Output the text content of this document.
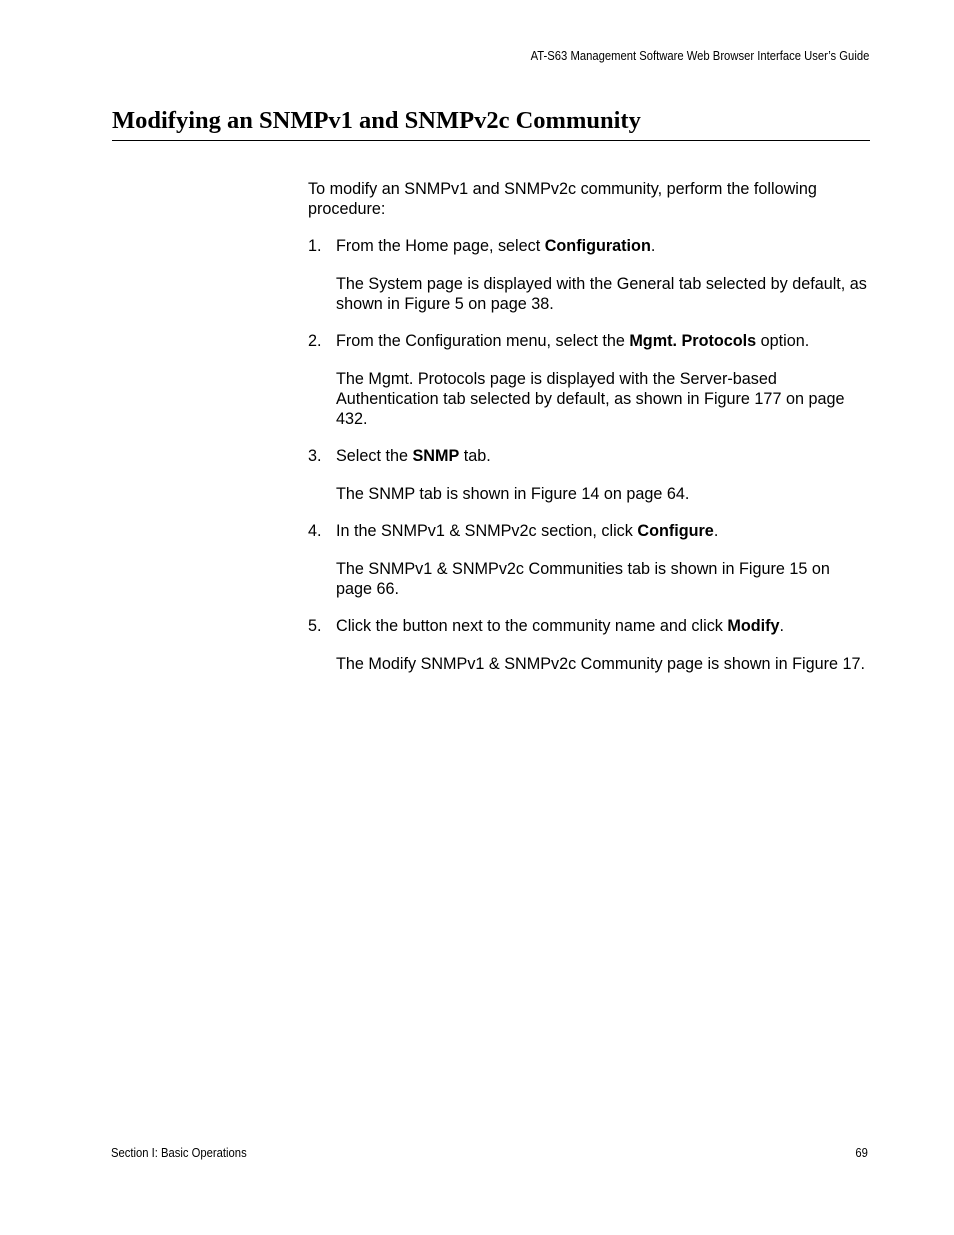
AT-S63 Management Software Web Browser Interface User’s Guide
Modifying an SNMPv1 and SNMPv2c Community

To modify an SNMPv1 and SNMPv2c community, perform the following procedure:

1. From the Home page, select Configuration.

The System page is displayed with the General tab selected by default, as shown in Figure 5 on page 38.

2. From the Configuration menu, select the Mgmt. Protocols option.

The Mgmt. Protocols page is displayed with the Server-based Authentication tab selected by default, as shown in Figure 177 on page 432.

3. Select the SNMP tab.

The SNMP tab is shown in Figure 14 on page 64.

4. In the SNMPv1 & SNMPv2c section, click Configure.

The SNMPv1 & SNMPv2c Communities tab is shown in Figure 15 on page 66.

5. Click the button next to the community name and click Modify.

The Modify SNMPv1 & SNMPv2c Community page is shown in Figure 17.

Section I: Basic Operations	69
